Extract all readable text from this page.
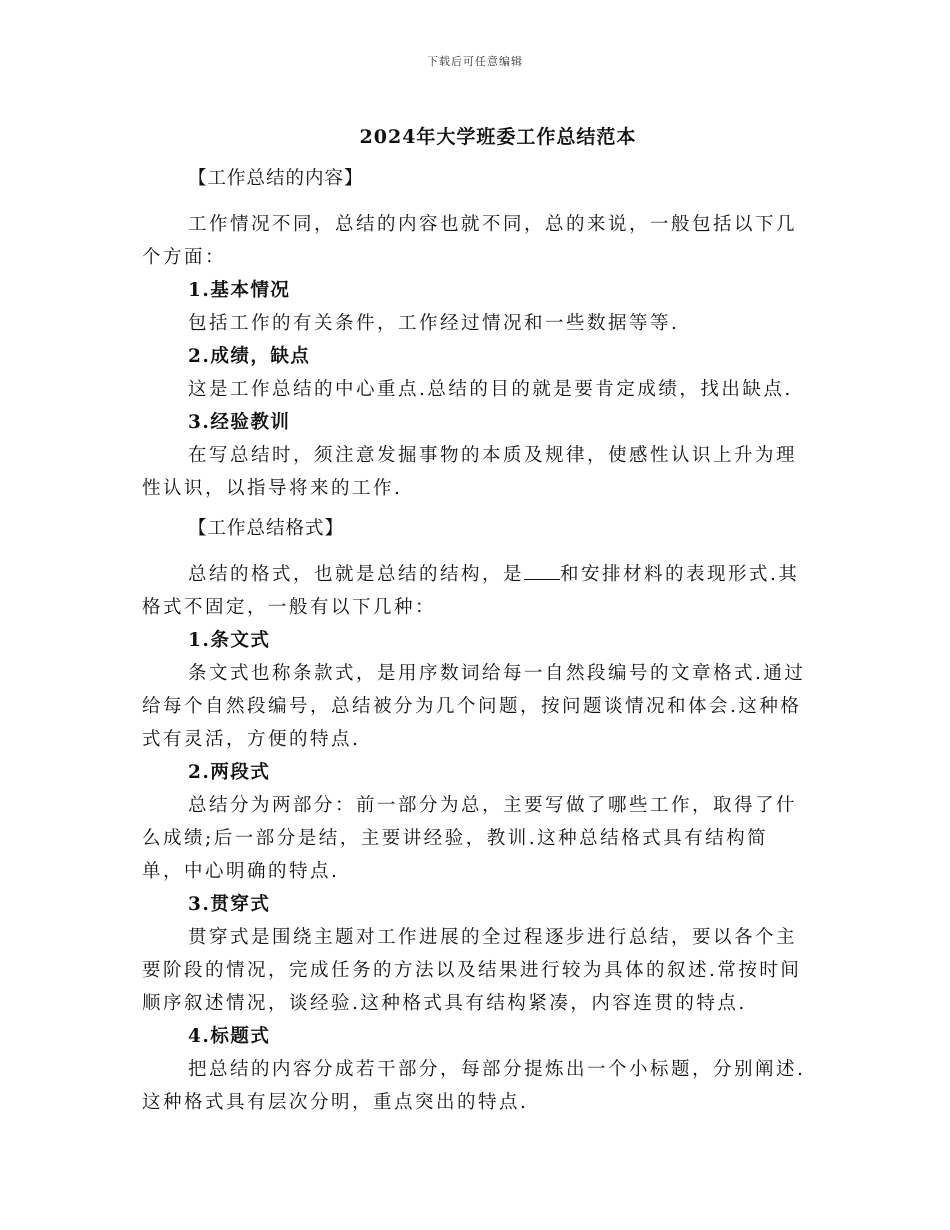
下载后可任意编辑
2024年大学班委工作总结范本

【工作总结的内容】

工作情况不同，总结的内容也就不同，总的来说，一般包括以下几个方面：

1.基本情况

包括工作的有关条件，工作经过情况和一些数据等等.

2.成绩，缺点

这是工作总结的中心重点.总结的目的就是要肯定成绩，找出缺点.

3.经验教训

在写总结时，须注意发掘事物的本质及规律，使感性认识上升为理性认识，以指导将来的工作.

【工作总结格式】

总结的格式，也就是总结的结构，是 和安排材料的表现形式.其格式不固定，一般有以下几种：

1.条文式

条文式也称条款式，是用序数词给每一自然段编号的文章格式.通过给每个自然段编号，总结被分为几个问题，按问题谈情况和体会.这种格式有灵活，方便的特点.

2.两段式

总结分为两部分：前一部分为总，主要写做了哪些工作，取得了什么成绩;后一部分是结，主要讲经验，教训.这种总结格式具有结构简单，中心明确的特点.

3.贯穿式

贯穿式是围绕主题对工作进展的全过程逐步进行总结，要以各个主要阶段的情况，完成任务的方法以及结果进行较为具体的叙述.常按时间顺序叙述情况，谈经验.这种格式具有结构紧凑，内容连贯的特点.

4.标题式

把总结的内容分成若干部分，每部分提炼出一个小标题，分别阐述.这种格式具有层次分明，重点突出的特点.
